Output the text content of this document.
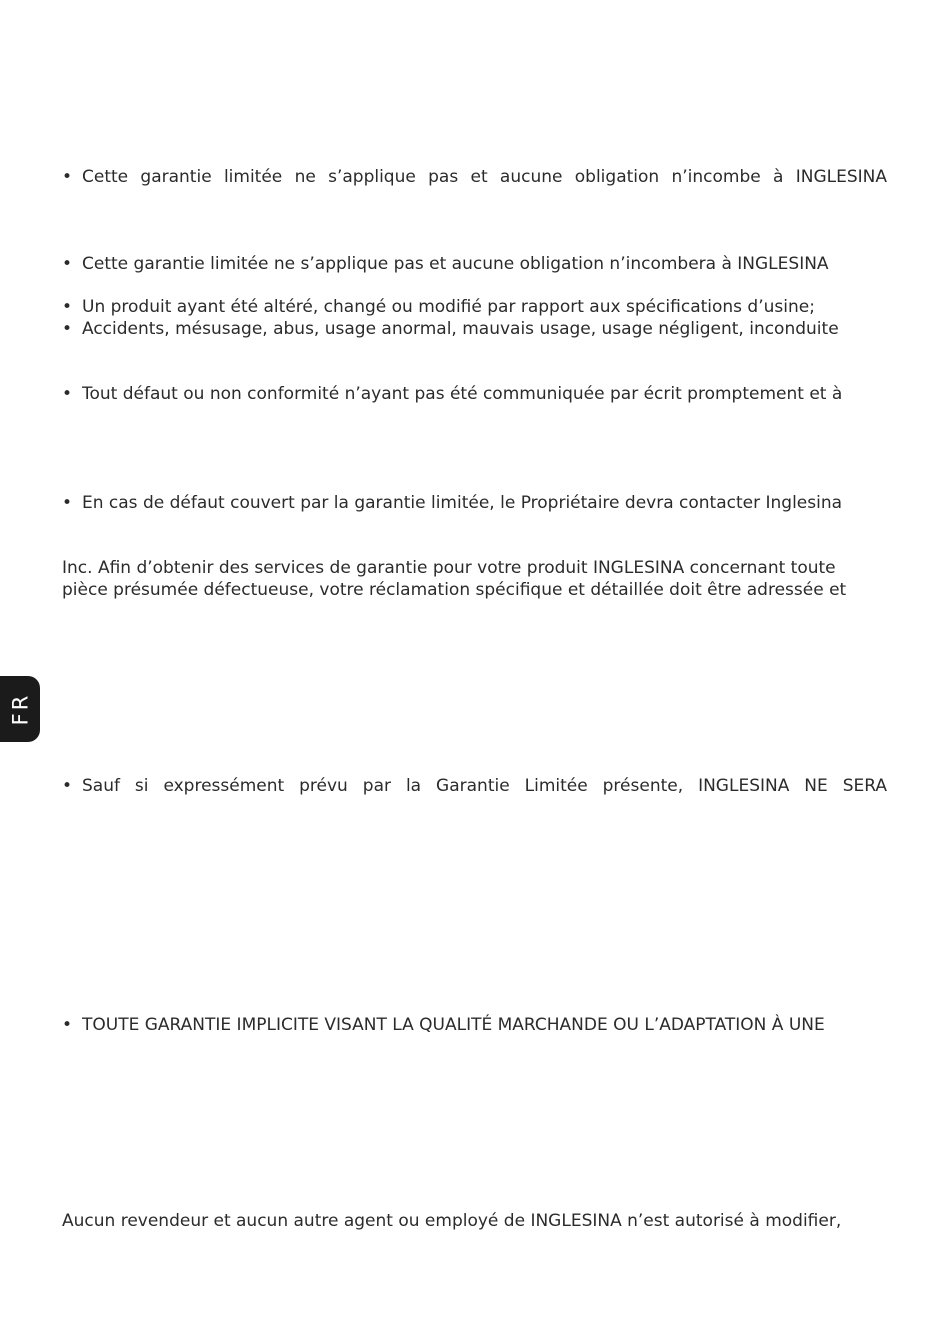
FR
• Cette garantie limitée ne s’applique pas et aucune obligation n’incombe à INGLESINA
• Cette garantie limitée ne s’applique pas et aucune obligation n’incombera à INGLESINA
• Un produit ayant été altéré, changé ou modifié par rapport aux spécifications d’usine;
• Accidents, mésusage, abus, usage anormal, mauvais usage, usage négligent, inconduite
• Tout défaut ou non conformité n’ayant pas été communiquée par écrit promptement et à
• En cas de défaut couvert par la garantie limitée, le Propriétaire devra contacter Inglesina
Inc. Afin d’obtenir des services de garantie pour votre produit INGLESINA concernant toute
pièce présumée défectueuse, votre réclamation spécifique et détaillée doit être adressée et
• Sauf si expressément prévu par la Garantie Limitée présente, INGLESINA NE SERA
• TOUTE GARANTIE IMPLICITE VISANT LA QUALITÉ MARCHANDE OU L’ADAPTATION À UNE
Aucun revendeur et aucun autre agent ou employé de INGLESINA n’est autorisé à modifier,
